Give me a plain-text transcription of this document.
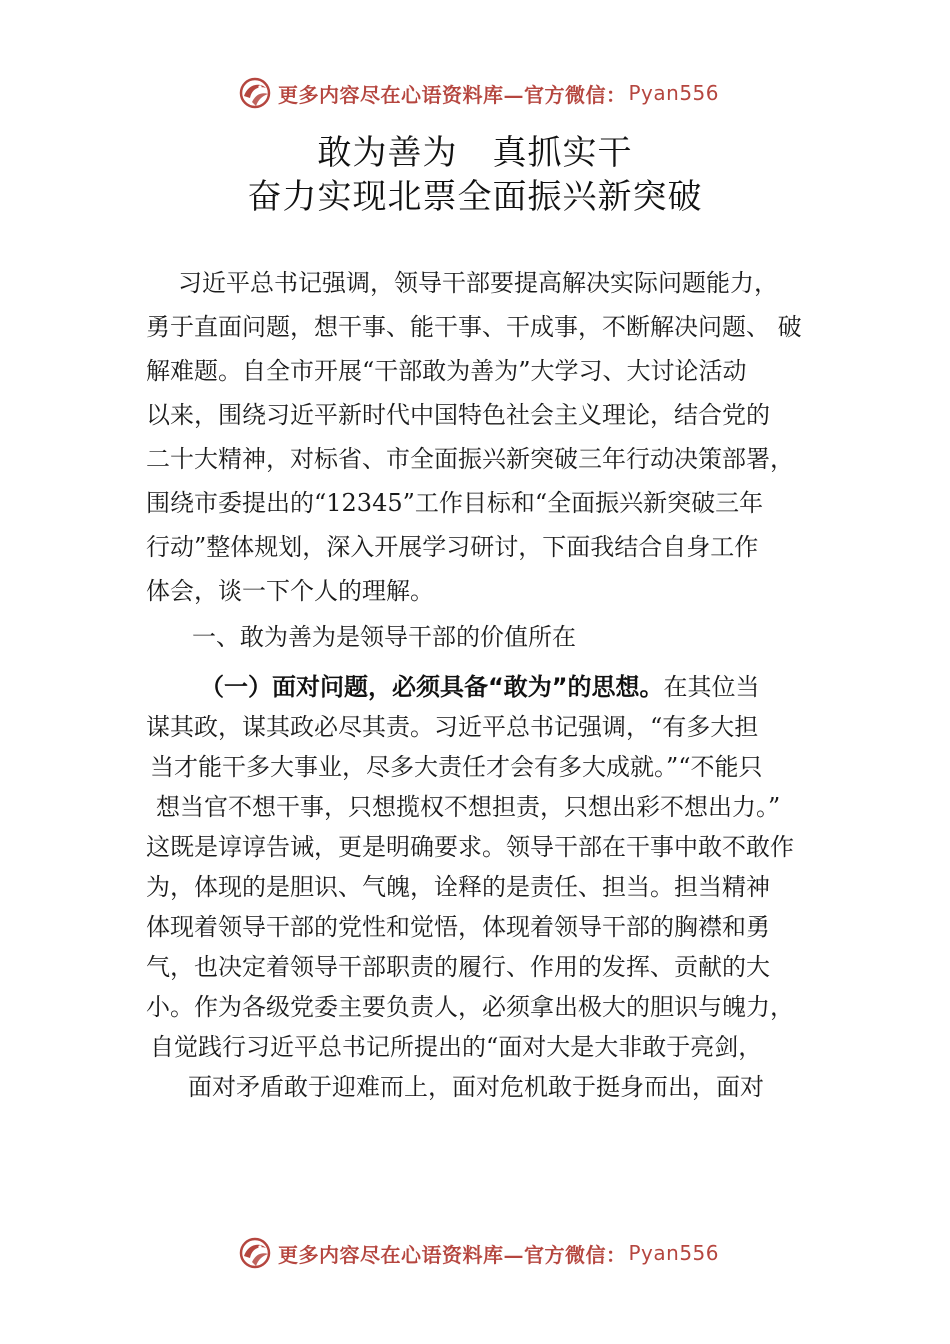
更多内容尽在心语资料库—官方微信： Pyan556
敢为善为　真抓实干
奋力实现北票全面振兴新突破
习近平总书记强调，领导干部要提高解决实际问题能力，
勇于直面问题，想干事、能干事、干成事，不断解决问题、 破
解难题。自全市开展“干部敢为善为”大学习、大讨论活动
以来，围绕习近平新时代中国特色社会主义理论，结合党的
二十大精神，对标省、市全面振兴新突破三年行动决策部署，
围绕市委提出的“12345”工作目标和“全面振兴新突破三年
行动”整体规划，深入开展学习研讨，下面我结合自身工作
体会，谈一下个人的理解。
一、敢为善为是领导干部的价值所在
（一）面对问题，必须具备“敢为”的思想。在其位当
谋其政，谋其政必尽其责。习近平总书记强调，“有多大担
当才能干多大事业，尽多大责任才会有多大成就。”“不能只
想当官不想干事，只想揽权不想担责，只想出彩不想出力。”
这既是谆谆告诫，更是明确要求。领导干部在干事中敢不敢作
为，体现的是胆识、气魄，诠释的是责任、担当。担当精神
体现着领导干部的党性和觉悟，体现着领导干部的胸襟和勇
气，也决定着领导干部职责的履行、作用的发挥、贡献的大
小。作为各级党委主要负责人，必须拿出极大的胆识与魄力，
自觉践行习近平总书记所提出的“面对大是大非敢于亮剑，
面对矛盾敢于迎难而上，面对危机敢于挺身而出，面对
更多内容尽在心语资料库—官方微信： Pyan556
